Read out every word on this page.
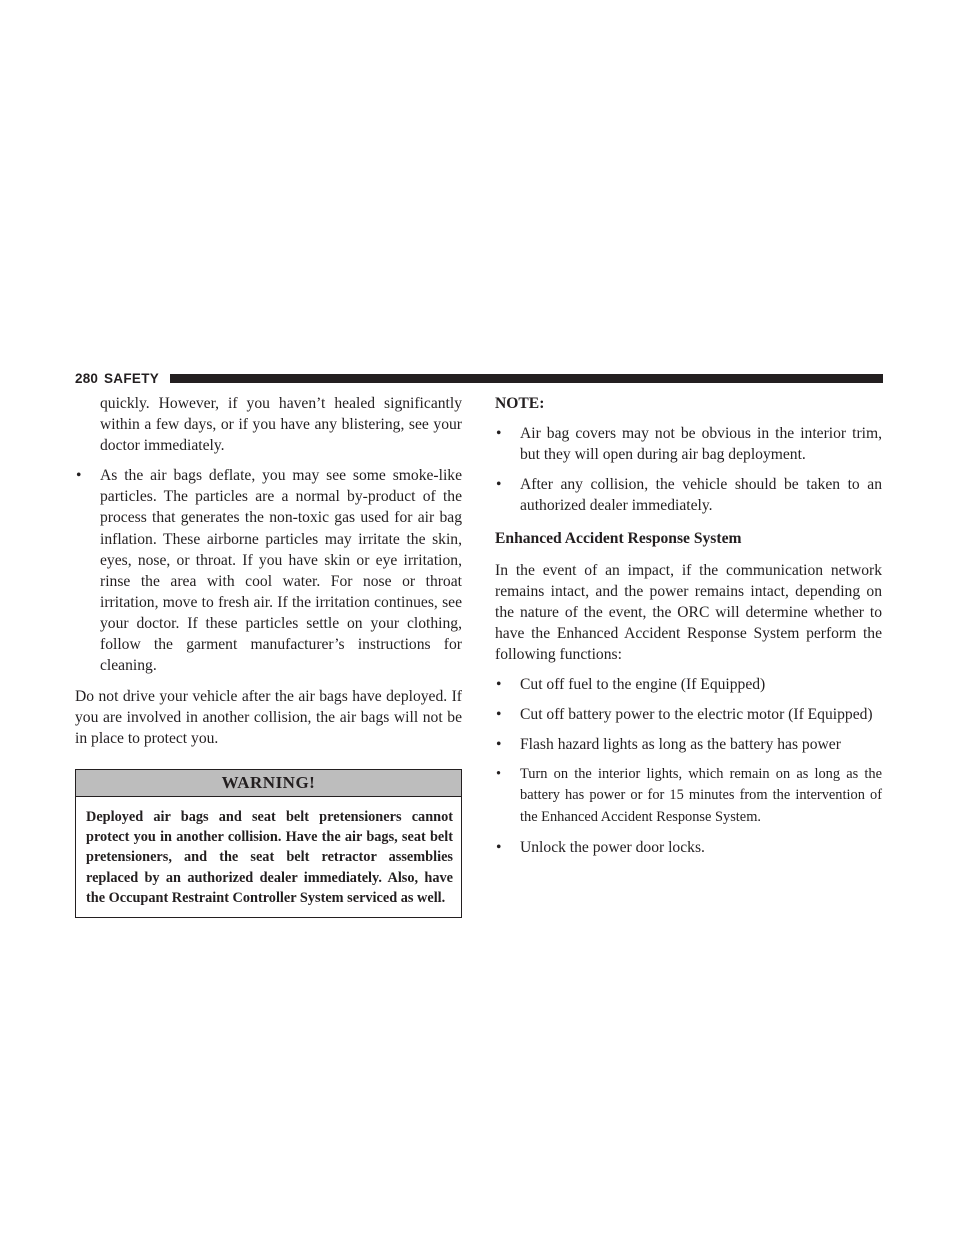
280 SAFETY

quickly. However, if you haven’t healed significantly within a few days, or if you have any blistering, see your doctor immediately.

• As the air bags deflate, you may see some smoke-like particles. The particles are a normal by-product of the process that generates the non-toxic gas used for air bag inflation. These airborne particles may irritate the skin, eyes, nose, or throat. If you have skin or eye irritation, rinse the area with cool water. For nose or throat irritation, move to fresh air. If the irritation continues, see your doctor. If these particles settle on your clothing, follow the garment manufacturer’s instructions for cleaning.

Do not drive your vehicle after the air bags have deployed. If you are involved in another collision, the air bags will not be in place to protect you.

WARNING!
Deployed air bags and seat belt pretensioners cannot protect you in another collision. Have the air bags, seat belt pretensioners, and the seat belt retractor assemblies replaced by an authorized dealer immediately. Also, have the Occupant Restraint Controller System serviced as well.

NOTE:

• Air bag covers may not be obvious in the interior trim, but they will open during air bag deployment.

• After any collision, the vehicle should be taken to an authorized dealer immediately.

Enhanced Accident Response System

In the event of an impact, if the communication network remains intact, and the power remains intact, depending on the nature of the event, the ORC will determine whether to have the Enhanced Accident Response System perform the following functions:

• Cut off fuel to the engine (If Equipped)

• Cut off battery power to the electric motor (If Equipped)

• Flash hazard lights as long as the battery has power

• Turn on the interior lights, which remain on as long as the battery has power or for 15 minutes from the intervention of the Enhanced Accident Response System.

• Unlock the power door locks.
